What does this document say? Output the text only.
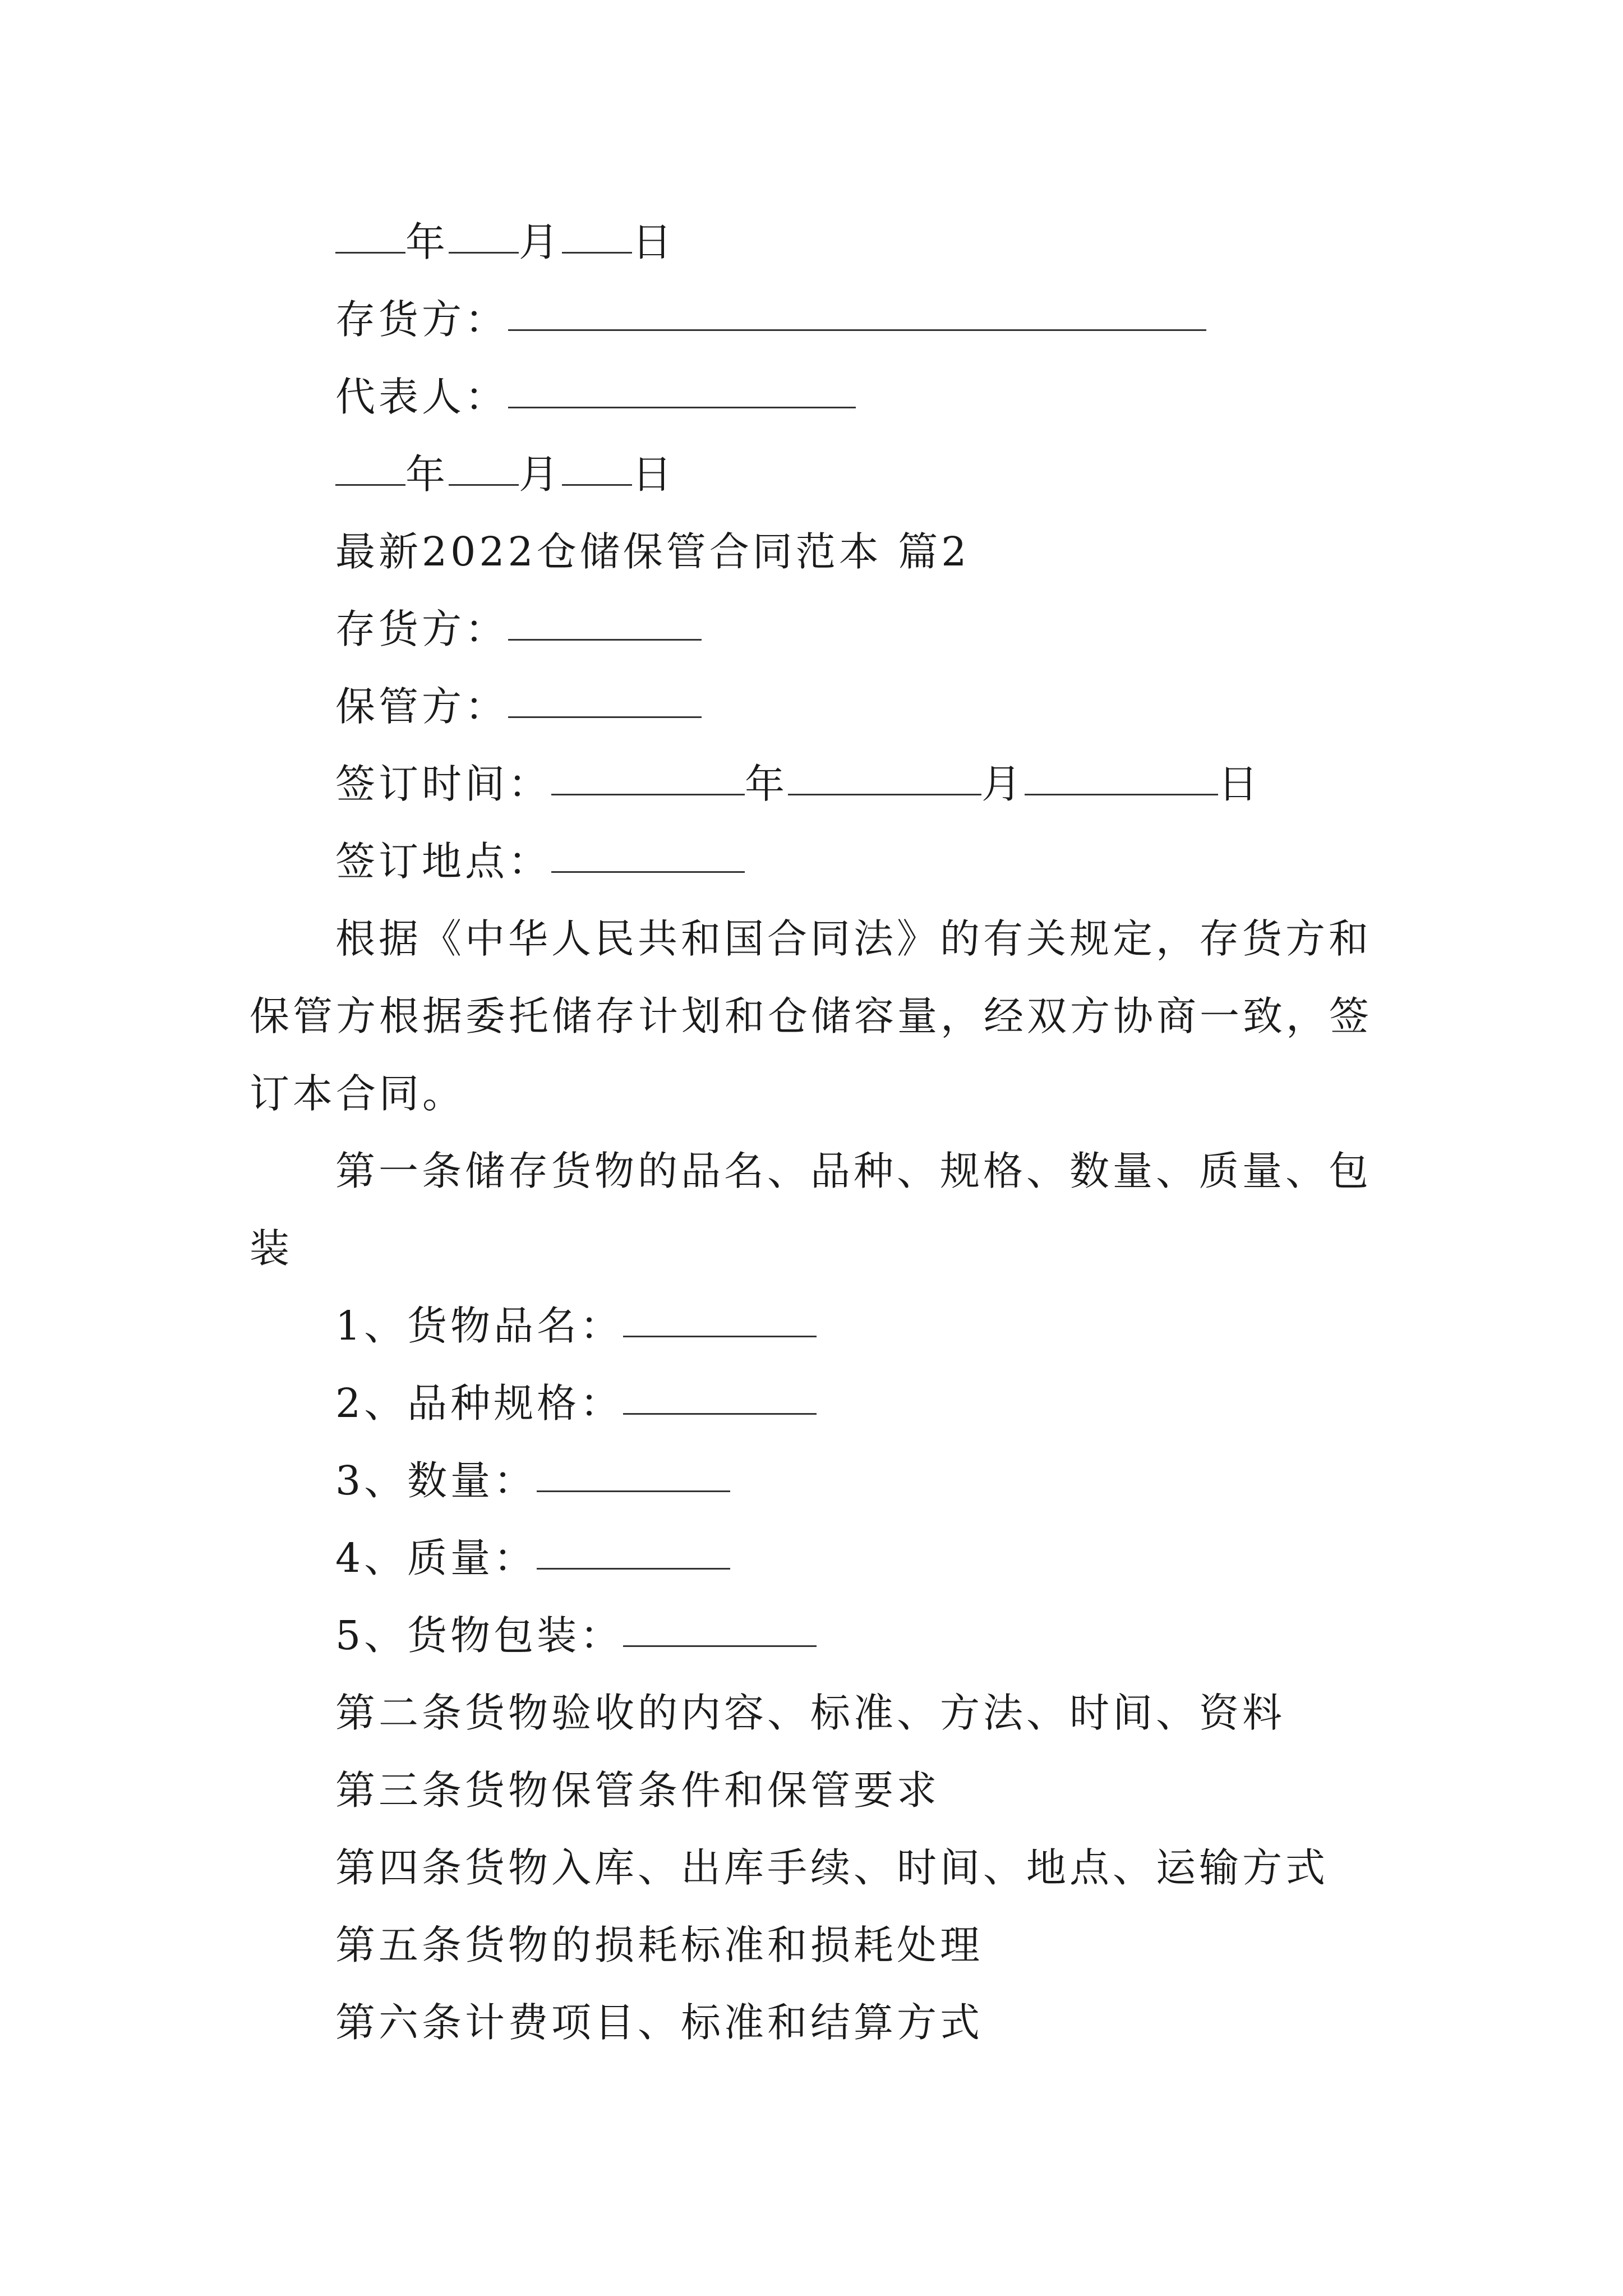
年 月 日
存货方：
代表人：
年 月 日
最新2022仓储保管合同范本 篇2
存货方：
保管方：
签订时间：	年	月	日
签订地点：
根据《中华人民共和国合同法》的有关规定，存货方和
保管方根据委托储存计划和仓储容量，经双方协商一致，签
订本合同。
第一条储存货物的品名、品种、规格、数量、质量、包
装
1、货物品名：
2、品种规格：
3、数量：
4、质量：
5、货物包装：
第二条货物验收的内容、标准、方法、时间、资料
第三条货物保管条件和保管要求
第四条货物入库、出库手续、时间、地点、运输方式
第五条货物的损耗标准和损耗处理
第六条计费项目、标准和结算方式
